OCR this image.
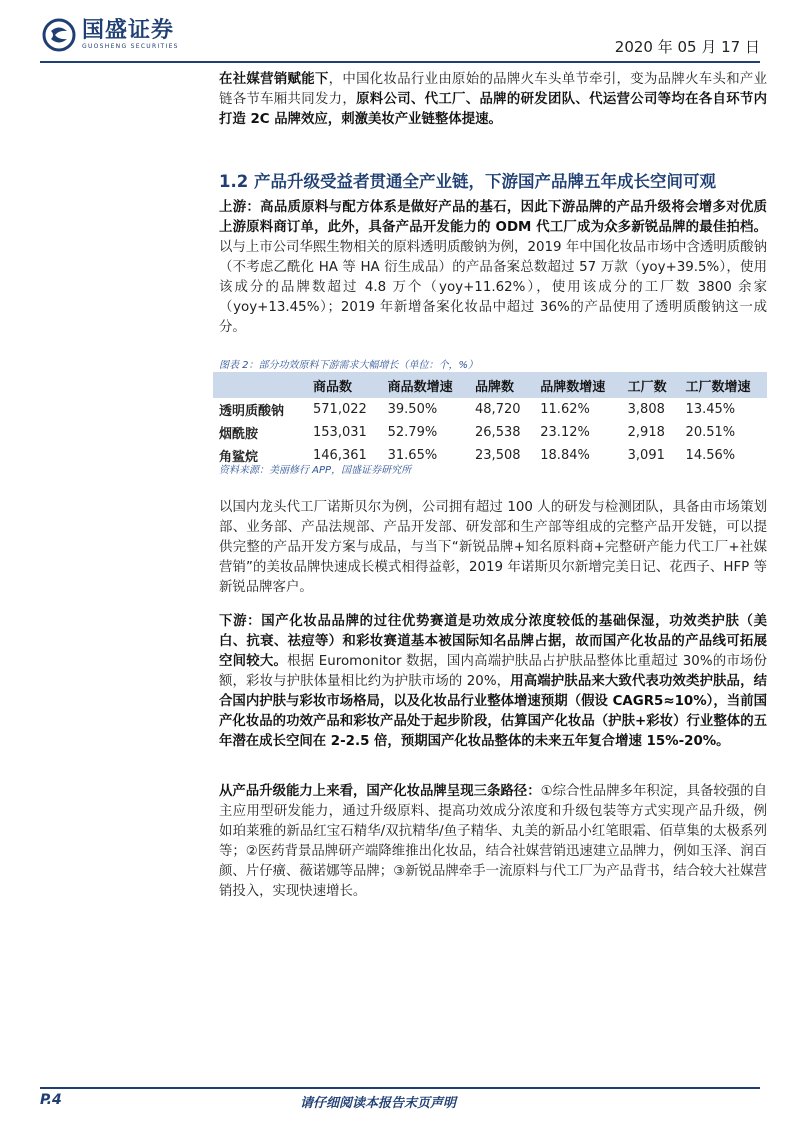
国盛证券
GUOSHENG SECURITIES	2020 年 05 月 17 日
在社媒营销赋能下，中国化妆品行业由原始的品牌火车头单节牵引，变为品牌火车头和产业链各节车厢共同发力，原料公司、代工厂、品牌的研发团队、代运营公司等均在各自环节内打造 2C 品牌效应，刺激美妆产业链整体提速。
1.2 产品升级受益者贯通全产业链，下游国产品牌五年成长空间可观
上游：高品质原料与配方体系是做好产品的基石，因此下游品牌的产品升级将会增多对优质上游原料商订单，此外，具备产品开发能力的 ODM 代工厂成为众多新锐品牌的最佳拍档。以与上市公司华熙生物相关的原料透明质酸钠为例，2019 年中国化妆品市场中含透明质酸钠（不考虑乙酰化 HA 等 HA 衍生成品）的产品备案总数超过 57 万款（yoy+39.5%），使用该成分的品牌数超过 4.8 万个（yoy+11.62%），使用该成分的工厂数 3800 余家（yoy+13.45%）；2019 年新增备案化妆品中超过 36%的产品使用了透明质酸钠这一成分。
图表 2：部分功效原料下游需求大幅增长（单位：个，%）
	商品数	商品数增速	品牌数	品牌数增速	工厂数	工厂数增速
透明质酸钠	571,022	39.50%	48,720	11.62%	3,808	13.45%
烟酰胺	153,031	52.79%	26,538	23.12%	2,918	20.51%
角鲨烷	146,361	31.65%	23,508	18.84%	3,091	14.56%
资料来源：美丽修行 APP，国盛证券研究所
以国内龙头代工厂诺斯贝尔为例，公司拥有超过 100 人的研发与检测团队，具备由市场策划部、业务部、产品法规部、产品开发部、研发部和生产部等组成的完整产品开发链，可以提供完整的产品开发方案与成品，与当下“新锐品牌+知名原料商+完整研产能力代工厂+社媒营销”的美妆品牌快速成长模式相得益彰，2019 年诺斯贝尔新增完美日记、花西子、HFP 等新锐品牌客户。
下游：国产化妆品品牌的过往优势赛道是功效成分浓度较低的基础保湿，功效类护肤（美白、抗衰、祛痘等）和彩妆赛道基本被国际知名品牌占据，故而国产化妆品的产品线可拓展空间较大。根据 Euromonitor 数据，国内高端护肤品占护肤品整体比重超过 30%的市场份额，彩妆与护肤体量相比约为护肤市场的 20%，用高端护肤品来大致代表功效类护肤品，结合国内护肤与彩妆市场格局，以及化妆品行业整体增速预期（假设 CAGR5≈10%），当前国产化妆品的功效产品和彩妆产品处于起步阶段，估算国产化妆品（护肤+彩妆）行业整体的五年潜在成长空间在 2-2.5 倍，预期国产化妆品整体的未来五年复合增速 15%-20%。
从产品升级能力上来看，国产化妆品牌呈现三条路径：①综合性品牌多年积淀，具备较强的自主应用型研发能力，通过升级原料、提高功效成分浓度和升级包装等方式实现产品升级，例如珀莱雅的新品红宝石精华/双抗精华/鱼子精华、丸美的新品小红笔眼霜、佰草集的太极系列等；②医药背景品牌研产端降维推出化妆品，结合社媒营销迅速建立品牌力，例如玉泽、润百颜、片仔癀、薇诺娜等品牌；③新锐品牌牵手一流原料与代工厂为产品背书，结合较大社媒营销投入，实现快速增长。
P.4	请仔细阅读本报告末页声明
